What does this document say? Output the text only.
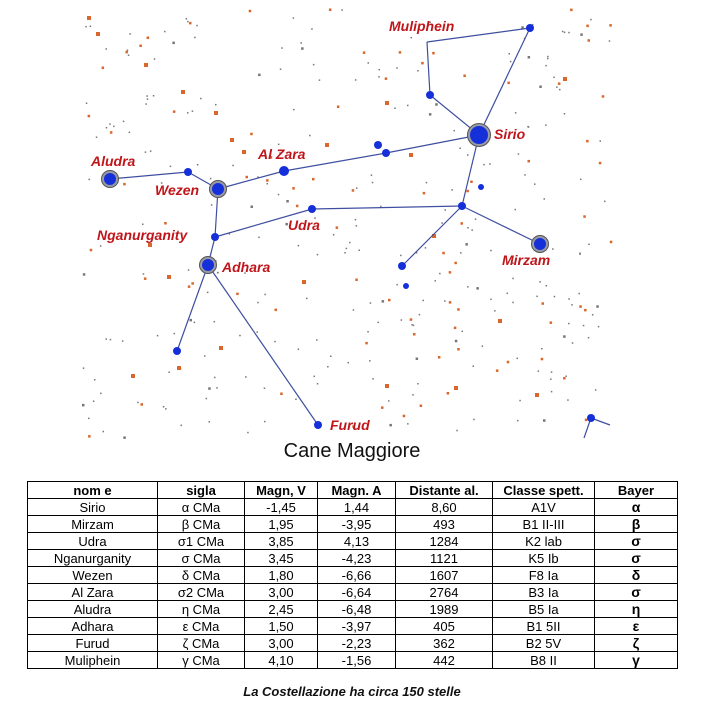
Muliphein
Sirio
Al Zara
Aludra
Wezen
Udra
Nganurganity
Adhara	Mirzam
Furud
Cane Maggiore
nom e	sigla	Magn, V	Magn. A	Distante al.	Classe spett.	Bayer
Sirio	α CMa	-1,45	1,44	8,60	A1V	α
Mirzam	β CMa	1,95	-3,95	493	B1 II-III	β
Udra	σ1 CMa	3,85	4,13	1284	K2 lab	σ
Nganurganity	σ CMa	3,45	-4,23	1121	K5 Ib	σ
Wezen	δ CMa	1,80	-6,66	1607	F8 Ia	δ
Al Zara	σ2 CMa	3,00	-6,64	2764	B3 Ia	σ
Aludra	η CMa	2,45	-6,48	1989	B5 Ia	η
Adhara	ε CMa	1,50	-3,97	405	B1 5II	ε
Furud	ζ CMa	3,00	-2,23	362	B2 5V	ζ
Muliphein	γ CMa	4,10	-1,56	442	B8 II	γ
La Costellazione ha circa 150 stelle
